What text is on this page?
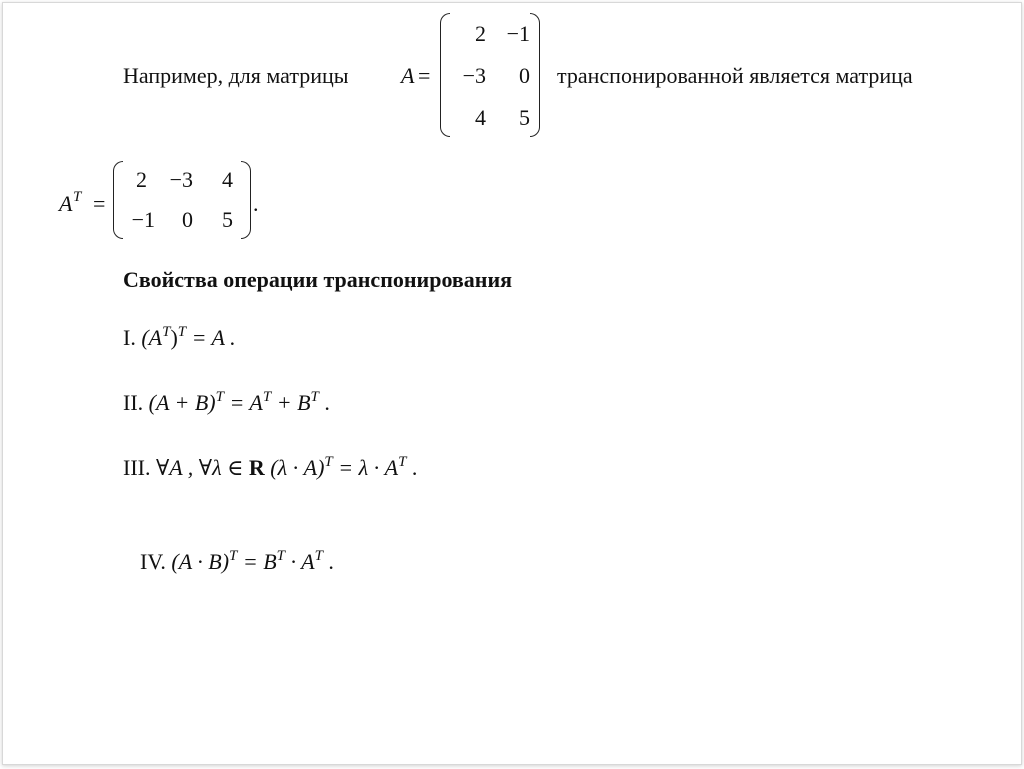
Например, для матрицы A =
2 −1
−3	0
4	5
транспонированной является матрица
A T =
2	−3	4
−1	0	5
.
Свойства операции транспонирования
I. $(A^T)^T = A$ .
II. $(A + B)^T = A^T + B^T$ .
III. ∀A , ∀λ ∈ R $(\lambda \cdot A)^T = \lambda \cdot A^T$ .
IV. $(A \cdot B)^T = B^T \cdot A^T$ .
